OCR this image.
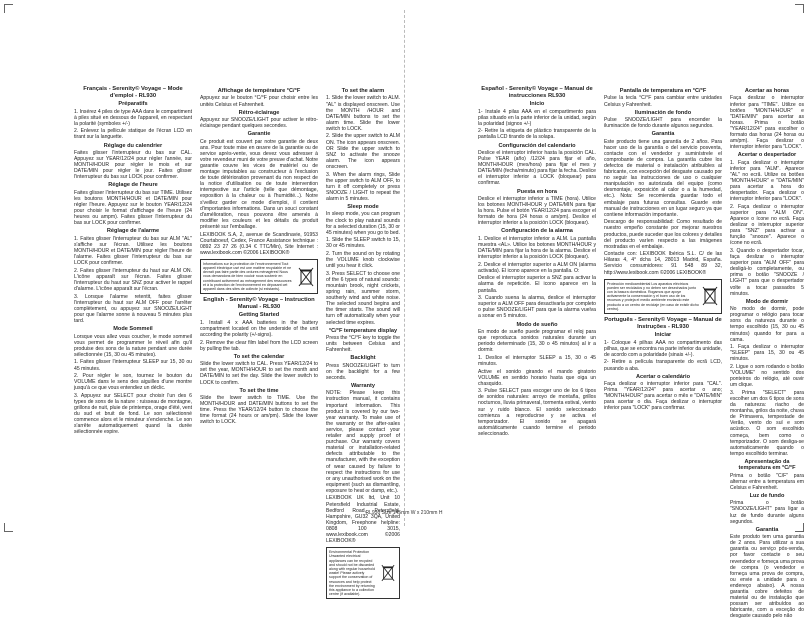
Français - Serenity© Voyage – Mode d'emploi - RL930
Préparatifs

1. Insérez 4 piles de type AAA dans le compartiment à piles situé en dessous de l'appareil, en respectant la polarité (symboles +/-)

2. Enlevez la pellicule statique de l'écran LCD en tirant sur la languette.

Réglage du calendrier

Faites glisser l'interrupteur du bas sur CAL. Appuyez sur YEAR/12/24 pour régler l'année, sur MONTH/HOUR pour régler le mois et sur DATE/MIN pour régler le jour. Faites glisser l'interrupteur du bas sur LOCK pour confirmer.

Réglage de l'heure

Faites glisser l'interrupteur du bas sur TIME. Utilisez les boutons MONTH/HOUR et DATE/MIN pour régler l'heure. Appuyez sur le bouton YEAR/12/24 pour choisir le format d'affichage de l'heure (24 heures ou ampm). Faites glisser l'interrupteur du bas sur LOCK pour confirmer.

Réglage de l'alarme

1. Faites glisser l'interrupteur du bas sur ALM "AL" s'affiche sur l'écran. Utilisez les boutons MONTH/HOUR et DATE/MIN pour régler l'heure de l'alarme. Faites glisser l'interrupteur du bas sur LOCK pour confirmer.

2. Faites glisser l'interrupteur du haut sur ALM ON. L'icône apparaît sur l'écran. Faites glisser l'interrupteur du haut sur SNZ pour activer le rappel d'alarme. L'icône apparaît sur l'écran.

3. Lorsque l'alarme retentit, faites glisser l'interrupteur du haut sur ALM OFF pour l'arrêter complètement, ou appuyez sur SNOOZE/LIGHT pour que l'alarme sonne à nouveau 5 minutes plus tard.

Mode Sommeil

Lorsque vous allez vous coucher, le mode sommeil vous permet de programmer le réveil afin qu'il produise des sons de la nature pendant une durée sélectionnée (15, 30 ou 45 minutes).

1. Faites glisser l'interrupteur SLEEP sur 15, 30 ou 45 minutes.

2. Pour régler le son, tournez le bouton du VOLUME dans le sens des aiguilles d'une montre jusqu'à ce que vous entendiez un déclic.

3. Appuyez sur SELECT pour choisir l'un des 6 types de sons de la nature : ruisseau de montagne, grillons de nuit, pluie de printemps, orage d'été, vent du sud et bruit de fond. Le son sélectionné commence alors et le minuteur s'enclenche. Le son s'arrête automatiquement quand la durée sélectionnée expire.

Affichage de température °C/°F

Appuyez sur le bouton °C/°F pour choisir entre les unités Celsius et Fahrenheit.

Rétro-éclairage

Appuyez sur SNOOZE/LIGHT pour activer le rétro-éclairage pendant quelques secondes.

Garantie

Ce produit est couvert par notre garantie de deux ans. Pour toute mise en œuvre de la garantie ou de service après-vente, vous devez vous adresser à votre revendeur muni de votre preuve d'achat. Notre garantie couvre les vices de matériel ou de montage imputables au constructeur à l'exclusion de toute détérioration provenant du non respect de la notice d'utilisation ou de toute intervention intempestive sur l'article (telle que démontage, exposition à la chaleur ou à l'humidité...). Notre s'veillez garder ce mode d'emploi, il contient d'importantes informations. Dans un souci constant d'amélioration, nous pouvons être amenés à modifier les couleurs et les détails du produit présenté sur l'emballage.

LEXIBOOK S.A, 2, avenue de Scandinavie, 91953 Courtaboeuf, Cedex, France Assistance technique : 0892 23 27 26 (0.34 € TTC/Min), Site Internet : www.lexibook.com ©2006 LEXIBOOK®

Informations sur la protection de l'environnement Tout appareil électrique usé est une matière recyclable et ne devrait pas faire partie des ordures ménagères! Nous vous demandons de bien vouloir nous soutenir en contribuant activement au ménagement des ressources et à la protection de l'environnement en déposant cet appareil dans des sites de collecte (si existants).
English - Serenity© Voyage – Instruction Manual - RL930
Getting Started

1. Install 4 x AAA batteries in the battery compartment located on the underside of the unit according the polarity (+/-signs).

2. Remove the clear film label from the LCD screen by pulling the tab.

To set the calendar

Slide the lower switch to CAL. Press YEAR/12/24 to set the year, MONTH/HOUR to set the month and DATE/MIN to set the day. Slide the lower switch to LOCK to confirm.

To set the time

Slide the lower switch to TIME. Use the MONTH/HOUR and DATE/MIN buttons to set the time. Press the YEAR/12/24 button to choose the time format (24 hours or am/pm). Slide the lower switch to LOCK.

To set the alarm

1. Slide the lower switch to ALM. "AL" is displayed onscreen. Use the MONTH /HOUR and DATE/MIN buttons to set the alarm time. Slide the lower switch to LOCK.

2. Slide the upper switch to ALM ON. The icon appears onscreen. OR Slide the upper switch to SNZ to activate the snooze alarm. The icon appears onscreen.

3. When the alarm rings, Slide the upper switch to ALM OFF, to turn it off completely or press SNOOZE / LIGHT to repeat the alarm in 5 minutes.

Sleep mode

In sleep mode, you can program the clock to play natural sounds for a selected duration (15, 30 or 45 minutes) when you go to bed.

1. Slide the SLEEP switch to 15, 30 or 45 minutes.

2. Turn the sound on by rotating the VOLUME knob clockwise until you hear it click.

3. Press SELECT to choose one of the 6 types of natural sounds: mountain brook, night crickets, spring rain, summer storm, southerly wind and white noise. The selected sound begins and the timer starts. The sound will turn off automatically when your selected time expires.

°C/°F temperature display

Press the °C/°F key to toggle the units between Celsius and Fahrenheit.

Backlight

Press SNOOZE/LIGHT to turn on the backlight for a few seconds.

Warranty

NOTE: Please keep this instruction manual, it contains important information. This product is covered by our two-year warranty. To make use of the warranty or the after-sales service, please contact your retailer and supply proof of purchase. Our warranty covers material or installation-related defects attributable to the manufacturer, with the exception of wear caused by failure to respect the instructions for use or any unauthorised work on the equipment (such as dismantling, exposure to heat or damp, etc.).

LEXIBOOK UK ltd, Unit 10 Petersfield Industrial Estate, Bedford Road, Petersfield, Hampshire, GU32 3QA, United Kingdom, Freephone helpline: 0808 100 3015, www.lexibook.com ©2006 LEXIBOOK®

Environmental Protection Unwanted electrical appliances can be recycled and should not be discarded along with regular household waste! Please actively support the conservation of resources and help protect the environment by returning this appliance to a collection centre (if available).
Español - Serenity© Voyage – Manual de instrucciones RL930
Inicio

1- Instale 4 pilas AAA en el compartimento para pilas situado en la parte inferior de la unidad, según la polaridad (signos +/-)

2- Retire la etiqueta de plástico transparente de la pantalla LCD tirando de la solapa.

Configuración del calendario

Deslice el interruptor inferior hasta la posición CAL. Pulse YEAR (año) /12/24 para fijar el año, MONTH/HOUR (mes/hora) para fijar el mes y DATE/MIN (fecha/minuto) para fijar la fecha. Deslice el interruptor inferior a LOCK (bloquear) para confirmar.

Puesta en hora

Deslice el interruptor inferior a TIME (hora). Utilice los botones MONTH/HOUR y DATE/MIN para fijar la hora. Pulse el botón YEAR/12/24 para escoger el formato de hora (24 horas o am/pm). Deslice el interruptor inferior a la posición LOCK (bloquear).

Configuración de la alarma

1. Deslice el interruptor inferior a ALM. La pantalla muestra «AL». Utilice los botones MONTH/HOUR y DATE/MIN para fijar la hora de la alarma. Deslice el interruptor inferior a la posición LOCK (bloquear).

2. Deslice el interruptor superior a ALM ON (alarma activada). El icono aparece en la pantalla. O:

Deslice el interruptor superior a SNZ para activar la alarma de repetición. El icono aparece en la pantalla.

3. Cuando suena la alarma, deslice el interruptor superior a ALM OFF para desactivarla por completo o pulse SNOOZE/LIGHT para que la alarma vuelva a sonar en 5 minutos.

Modo de sueño

En modo de sueño puede programar el reloj para que reproduzca sonidos naturales durante un periodo determinado (15, 30 o 45 minutos) al ir a dormir.

1. Deslice el interruptor SLEEP a 15, 30 o 45 minutos.

Active el sonido girando el mando giratorio VOLUME en sentido horario hasta que oiga un chasquido.

3. Pulse SELECT para escoger uno de los 6 tipos de sonidos naturales: arroyo de montaña, grillos nocturnos, lluvia primaveral, tormenta estival, viento sur y ruido blanco. El sonido seleccionado comienza a reproducirse y se activa el temporizador. El sonido se apagará automáticamente cuando termine el periodo seleccionado.

Pantalla de temperatura en °C/°F

Pulse la tecla °C/°F para cambiar entre unidades Celsius y Fahrenheit.

Iluminación de fondo

Pulse SNOOZE/LIGHT para encender la iluminación de fondo durante algunos segundos.

Garantía

Este producto tiene una garantía de 2 años. Para hacer uso de la garantía o del servicio posventa, contacte con el vendedor y suminístrele el comprobante de compra. La garantía cubre los defectos de material o instalación atribuibles al fabricante, con excepción del desgaste causado por no seguir las instrucciones de uso o cualquier manipulación no autorizada del equipo (como desmontaje, exposición al calor o a la humedad, etc.). Nota: Se recomienda guardar todo el embalaje para futuras consultas. Guarde este manual de instrucciones en un lugar seguro ya que contiene información importante.

Descargo de responsabilidad: Como resultado de nuestro empeño constante por mejorar nuestros productos, puede suceder que los colores y detalles del producto varíen respecto a las imágenes mostradas en el embalaje.

Contacte con: LEXIBOOK Ibérica S.L. C/ de las Hilaras 4, 4° dcha 14, 28013 Madrid, España. Servicio consumidores: 91 548 89 32, http://www.lexibook.com ©2006 LEXIBOOK®

Protección medioambiental Los aparatos eléctricos pueden ser reciclados y no deben ser desechados junto con la basura doméstica. Rogamos que apoye activamente la conservación y el buen uso de los recursos y proteja el medio ambiente enviando este producto a un centro de reciclaje (en caso de existir dicho centro).
Português - Serenity© Voyage – Manual de Instruções - RL930
Iniciar

1- Coloque 4 pilhas AAA no compartimento das pilhas, que se encontra na parte inferior da unidade, de acordo com a polaridade (sinais +/-).

2- Retire a película transparente do ecrã LCD, puxando a aba.

Acertar o calendário

Faça deslizar o interruptor inferior para "CAL". Prima "YEAR/12/24" para acertar o ano; "MONTH/HOUR" para acertar o mês e "DATE/MIN" para acertar o dia. Faça deslizar o interruptor inferior para "LOCK" para confirmar.

Acertar as horas

Faça deslizar o interruptor inferior para "TIME". Utilize os botões "MONTH/HOUR" e "DATE/MIN" para acertar as horas. Prima o botão "YEAR/12/24" para escolher o formato das horas (24 horas ou am/pm). Faça deslizar o interruptor inferior para "LOCK".

Acertar o despertador

1. Faça deslizar o interruptor inferior para "ALM". Aparece "AL" no ecrã. Utilize os botões "MONTH/HOUR" e "DATE/MIN" para acertar a hora do despertador. Faça deslizar o interruptor inferior para "LOCK".

2. Faça deslizar o interruptor superior para "ALM ON". Aparece o ícone no ecrã. Faça deslizar o interruptor superior para "SNZ" para activar a função "snooze". Aparece o ícone no ecrã.

3. Quando o despertador tocar, faça deslizar o interruptor superior para "ALM OFF" para desligá-lo completamente, ou prima o botão "SNOOZE / LIGHT" para que o despertador volte a tocar passados 5 minutos.

Modo de dormir

No modo de dormir, pode programar o relógio para tocar sons da natureza durante o tempo escolhido (15, 30 ou 45 minutos) quando for para a cama.

1. Faça deslizar o interruptor "SLEEP" para 15, 30 ou 45 minutos.

2. Ligue o som rodando o botão "VOLUME" no sentido dos ponteiros do relógio, até ouvir um clique.

3. Prima "SELECT" para escolher um dos 6 tipos de sons da natureza: riacho de montanha, grilos da noite, chuva de Primavera, tempestade de Verão, vento do sul e som acústico. O som escolhido começa, bem como o temporizador. O som desliga-se automaticamente quando o tempo escolhido terminar.

Apresentação da temperatura em °C/°F

Prima o botão "C/F" para alternar entre a temperatura em Celsius e Fahrenheit.

Luz de fundo

Prima o botão "SNOOZE/LIGHT" para ligar a luz de fundo durante alguns segundos.

Garantia

Este produto tem uma garantia de 2 anos. Para utilizar a sua garantia ou serviço pós-venda, por favor contacte o seu revendedor e forneça uma prova de compra (o vendedor e forneça uma prova de compra, ou envie a unidade para o endereço abaixo). A nossa garantia cobre defeitos de material ou de instalação que possam ser atribuídos ao fabricante, com a exceção do desgaste causado pelo não

RL930 Size 145mm W x 210mm H
